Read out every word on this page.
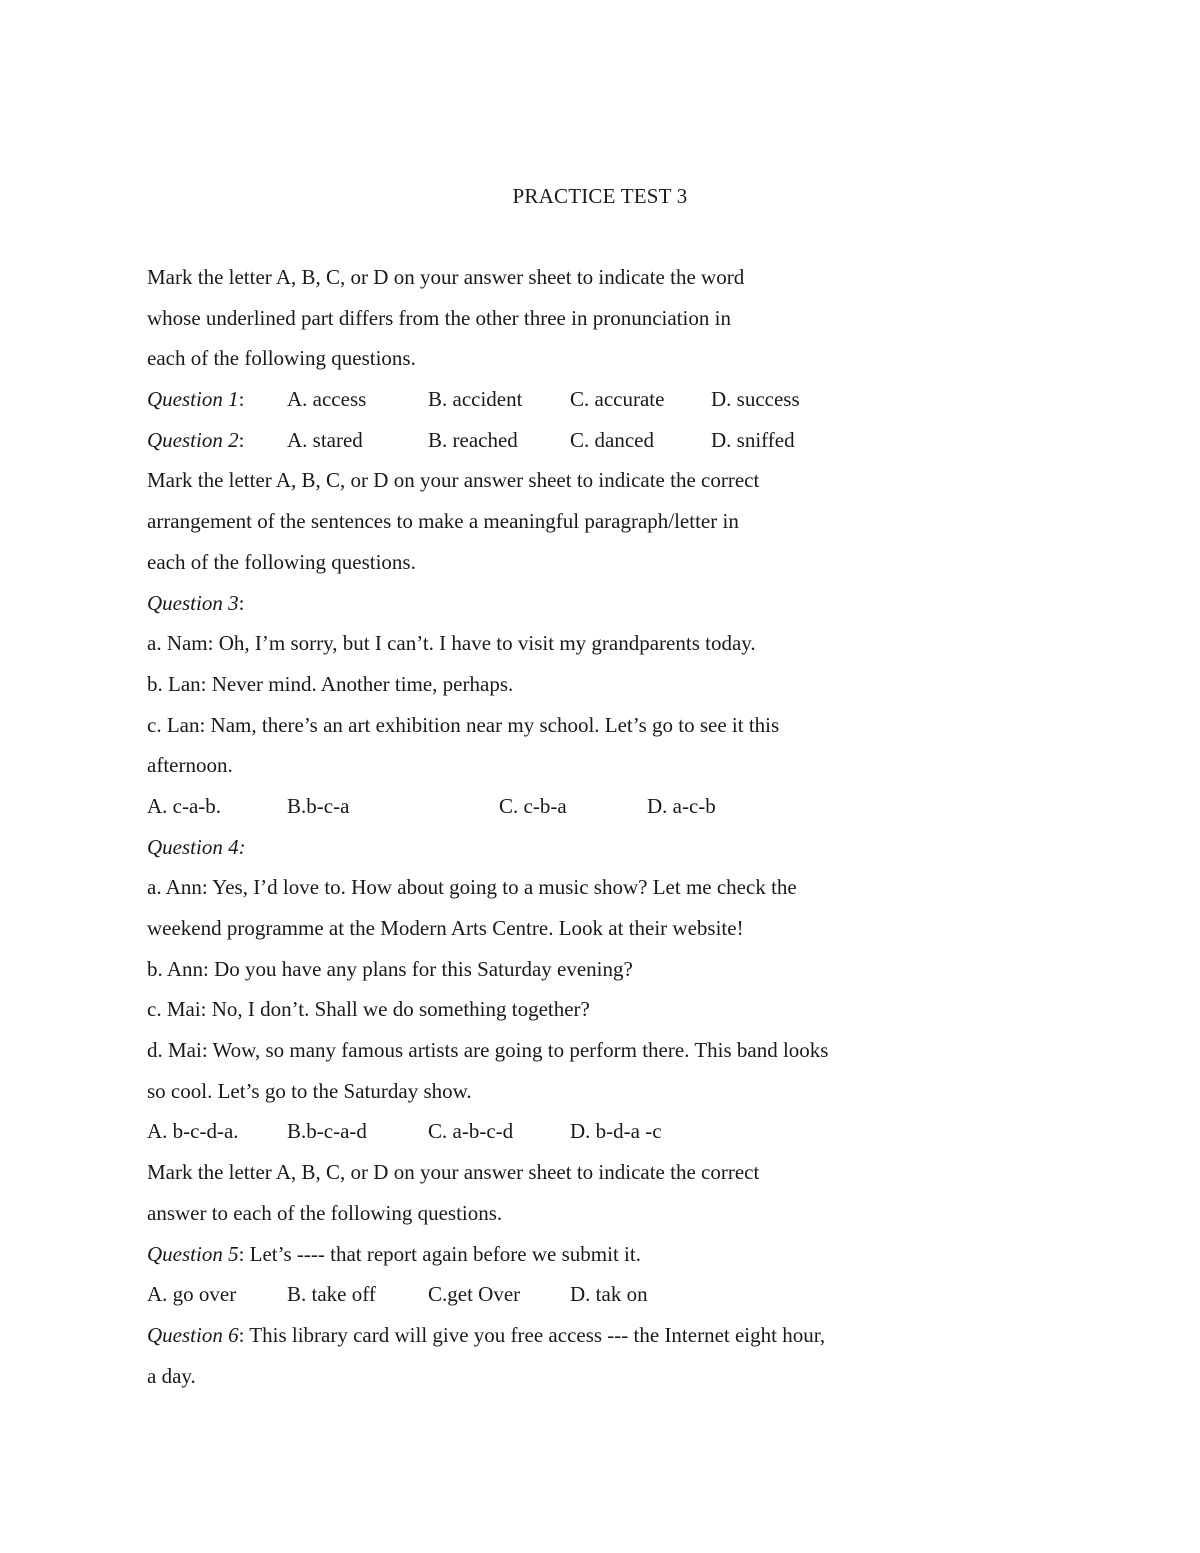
PRACTICE TEST 3
Mark the letter A, B, C, or D on your answer sheet to indicate the word
whose underlined part differs from the other three in pronunciation in
each of the following questions.
Question 1: A. access	B. accident C. accurate D. success
Question 2: A. stared	B. reached C. danced	D. sniffed
Mark the letter A, B, C, or D on your answer sheet to indicate the correct
arrangement of the sentences to make a meaningful paragraph/letter in
each of the following questions.
Question 3:
a. Nam: Oh, I’m sorry, but I can’t. I have to visit my grandparents today.
b. Lan: Never mind. Another time, perhaps.
c. Lan: Nam, there’s an art exhibition near my school. Let’s go to see it this
afternoon.
A. c-a-b.	B.b-c-a	C. c-b-a	D. a-c-b
Question 4:
a. Ann: Yes, I’d love to. How about going to a music show? Let me check the
weekend programme at the Modern Arts Centre. Look at their website!
b. Ann: Do you have any plans for this Saturday evening?
c. Mai: No, I don’t. Shall we do something together?
d. Mai: Wow, so many famous artists are going to perform there. This band looks
so cool. Let’s go to the Saturday show.
A. b-c-d-a. B.b-c-a-d	C. a-b-c-d	D. b-d-a -c
Mark the letter A, B, C, or D on your answer sheet to indicate the correct
answer to each of the following questions.
Question 5: Let’s ---- that report again before we submit it.
A. go over B. take off C.get Over D. tak on
Question 6: This library card will give you free access --- the Internet eight hour,
a day.
